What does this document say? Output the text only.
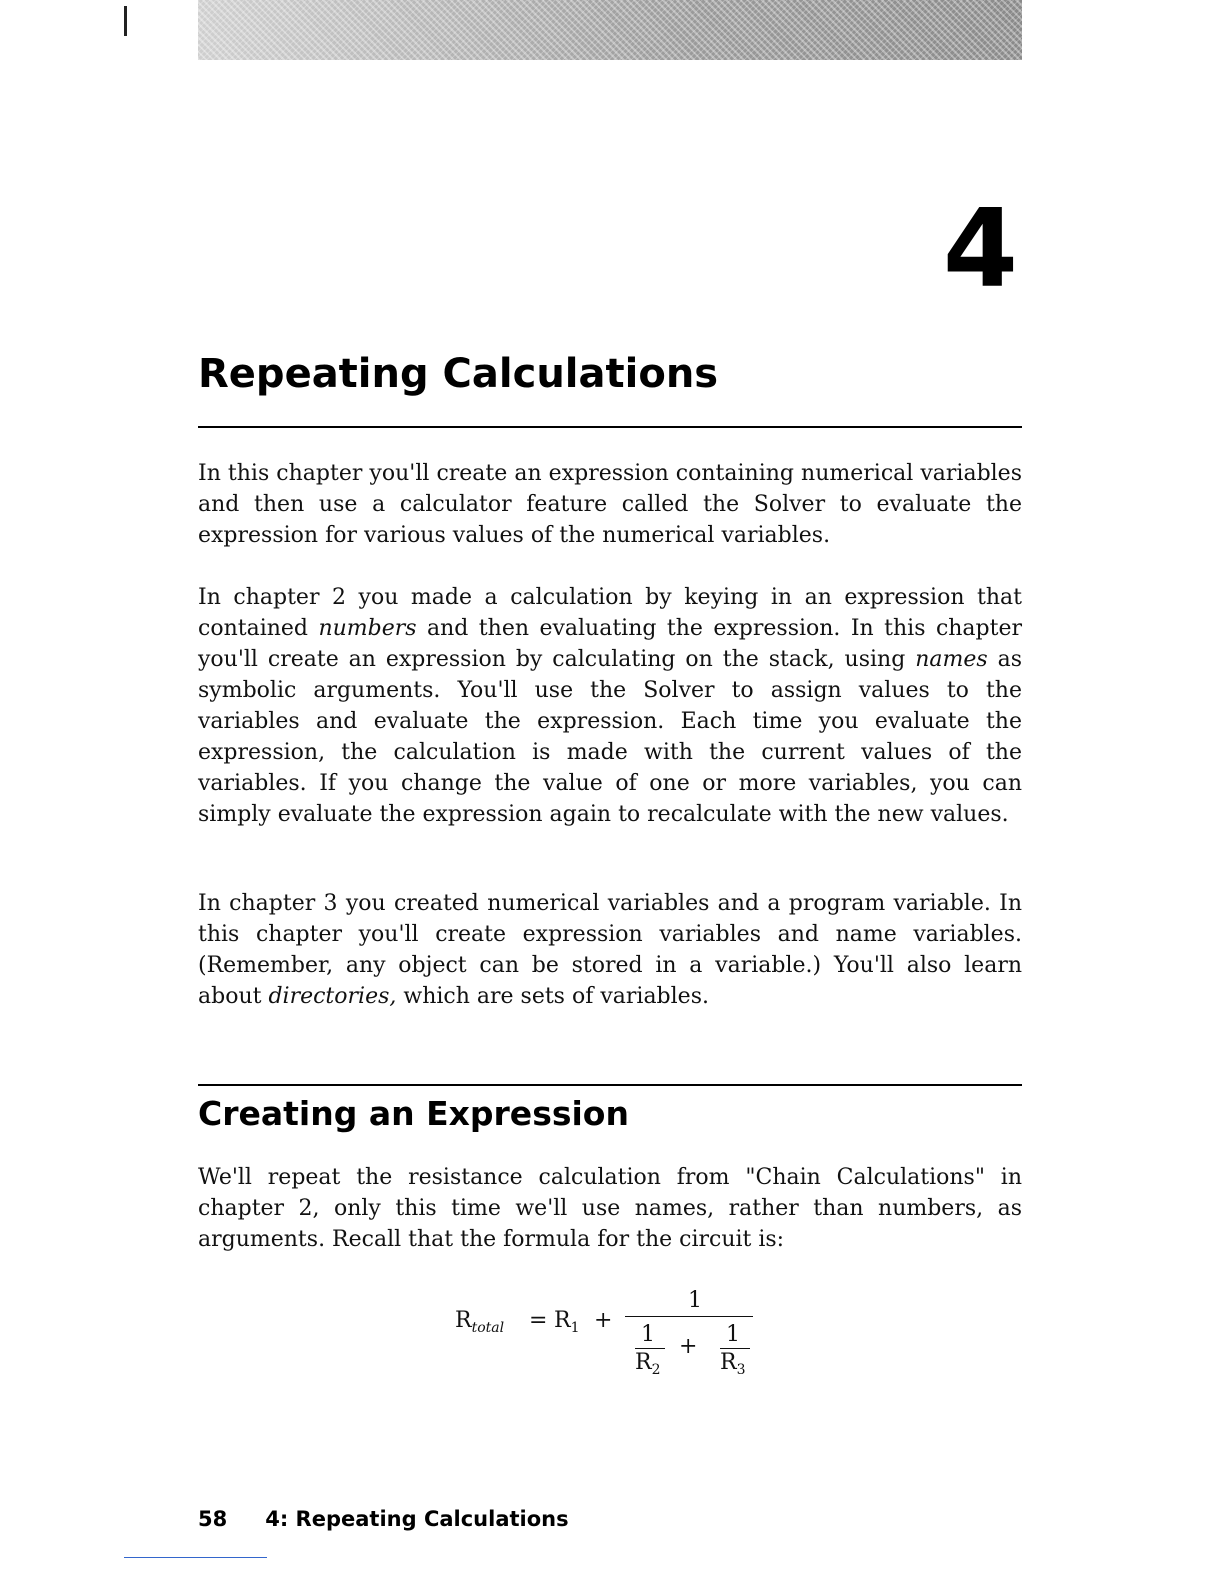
4
Repeating Calculations

In this chapter you'll create an expression containing numerical variables and then use a calculator feature called the Solver to evaluate the expression for various values of the numerical variables.

In chapter 2 you made a calculation by keying in an expression that contained numbers and then evaluating the expression. In this chapter you'll create an expression by calculating on the stack, using names as symbolic arguments. You'll use the Solver to assign values to the variables and evaluate the expression. Each time you evaluate the expression, the calculation is made with the current values of the variables. If you change the value of one or more variables, you can simply evaluate the expression again to recalculate with the new values.

In chapter 3 you created numerical variables and a program variable. In this chapter you'll create expression variables and name variables. (Remember, any object can be stored in a variable.) You'll also learn about directories, which are sets of variables.

Creating an Expression

We'll repeat the resistance calculation from "Chain Calculations" in chapter 2, only this time we'll use names, rather than numbers, as arguments. Recall that the formula for the circuit is:

$R_{total} = R_1$ +
1
1
$R_2$
+ 1
$R_3$
58 4: Repeating Calculations
